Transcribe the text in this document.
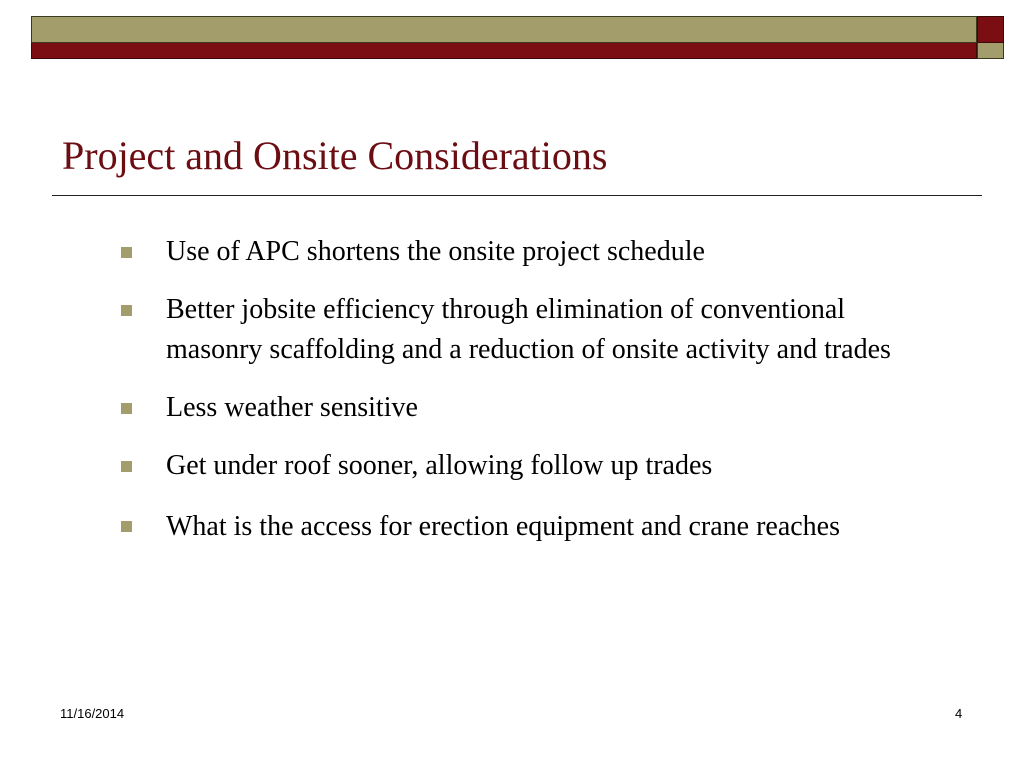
Project and Onsite Considerations
Use of APC shortens the onsite project schedule
Better jobsite efficiency through elimination of conventional masonry scaffolding and a reduction of onsite activity and trades
Less weather sensitive
Get under roof sooner, allowing follow up trades
What is the access for erection equipment and crane reaches
11/16/2014	4
